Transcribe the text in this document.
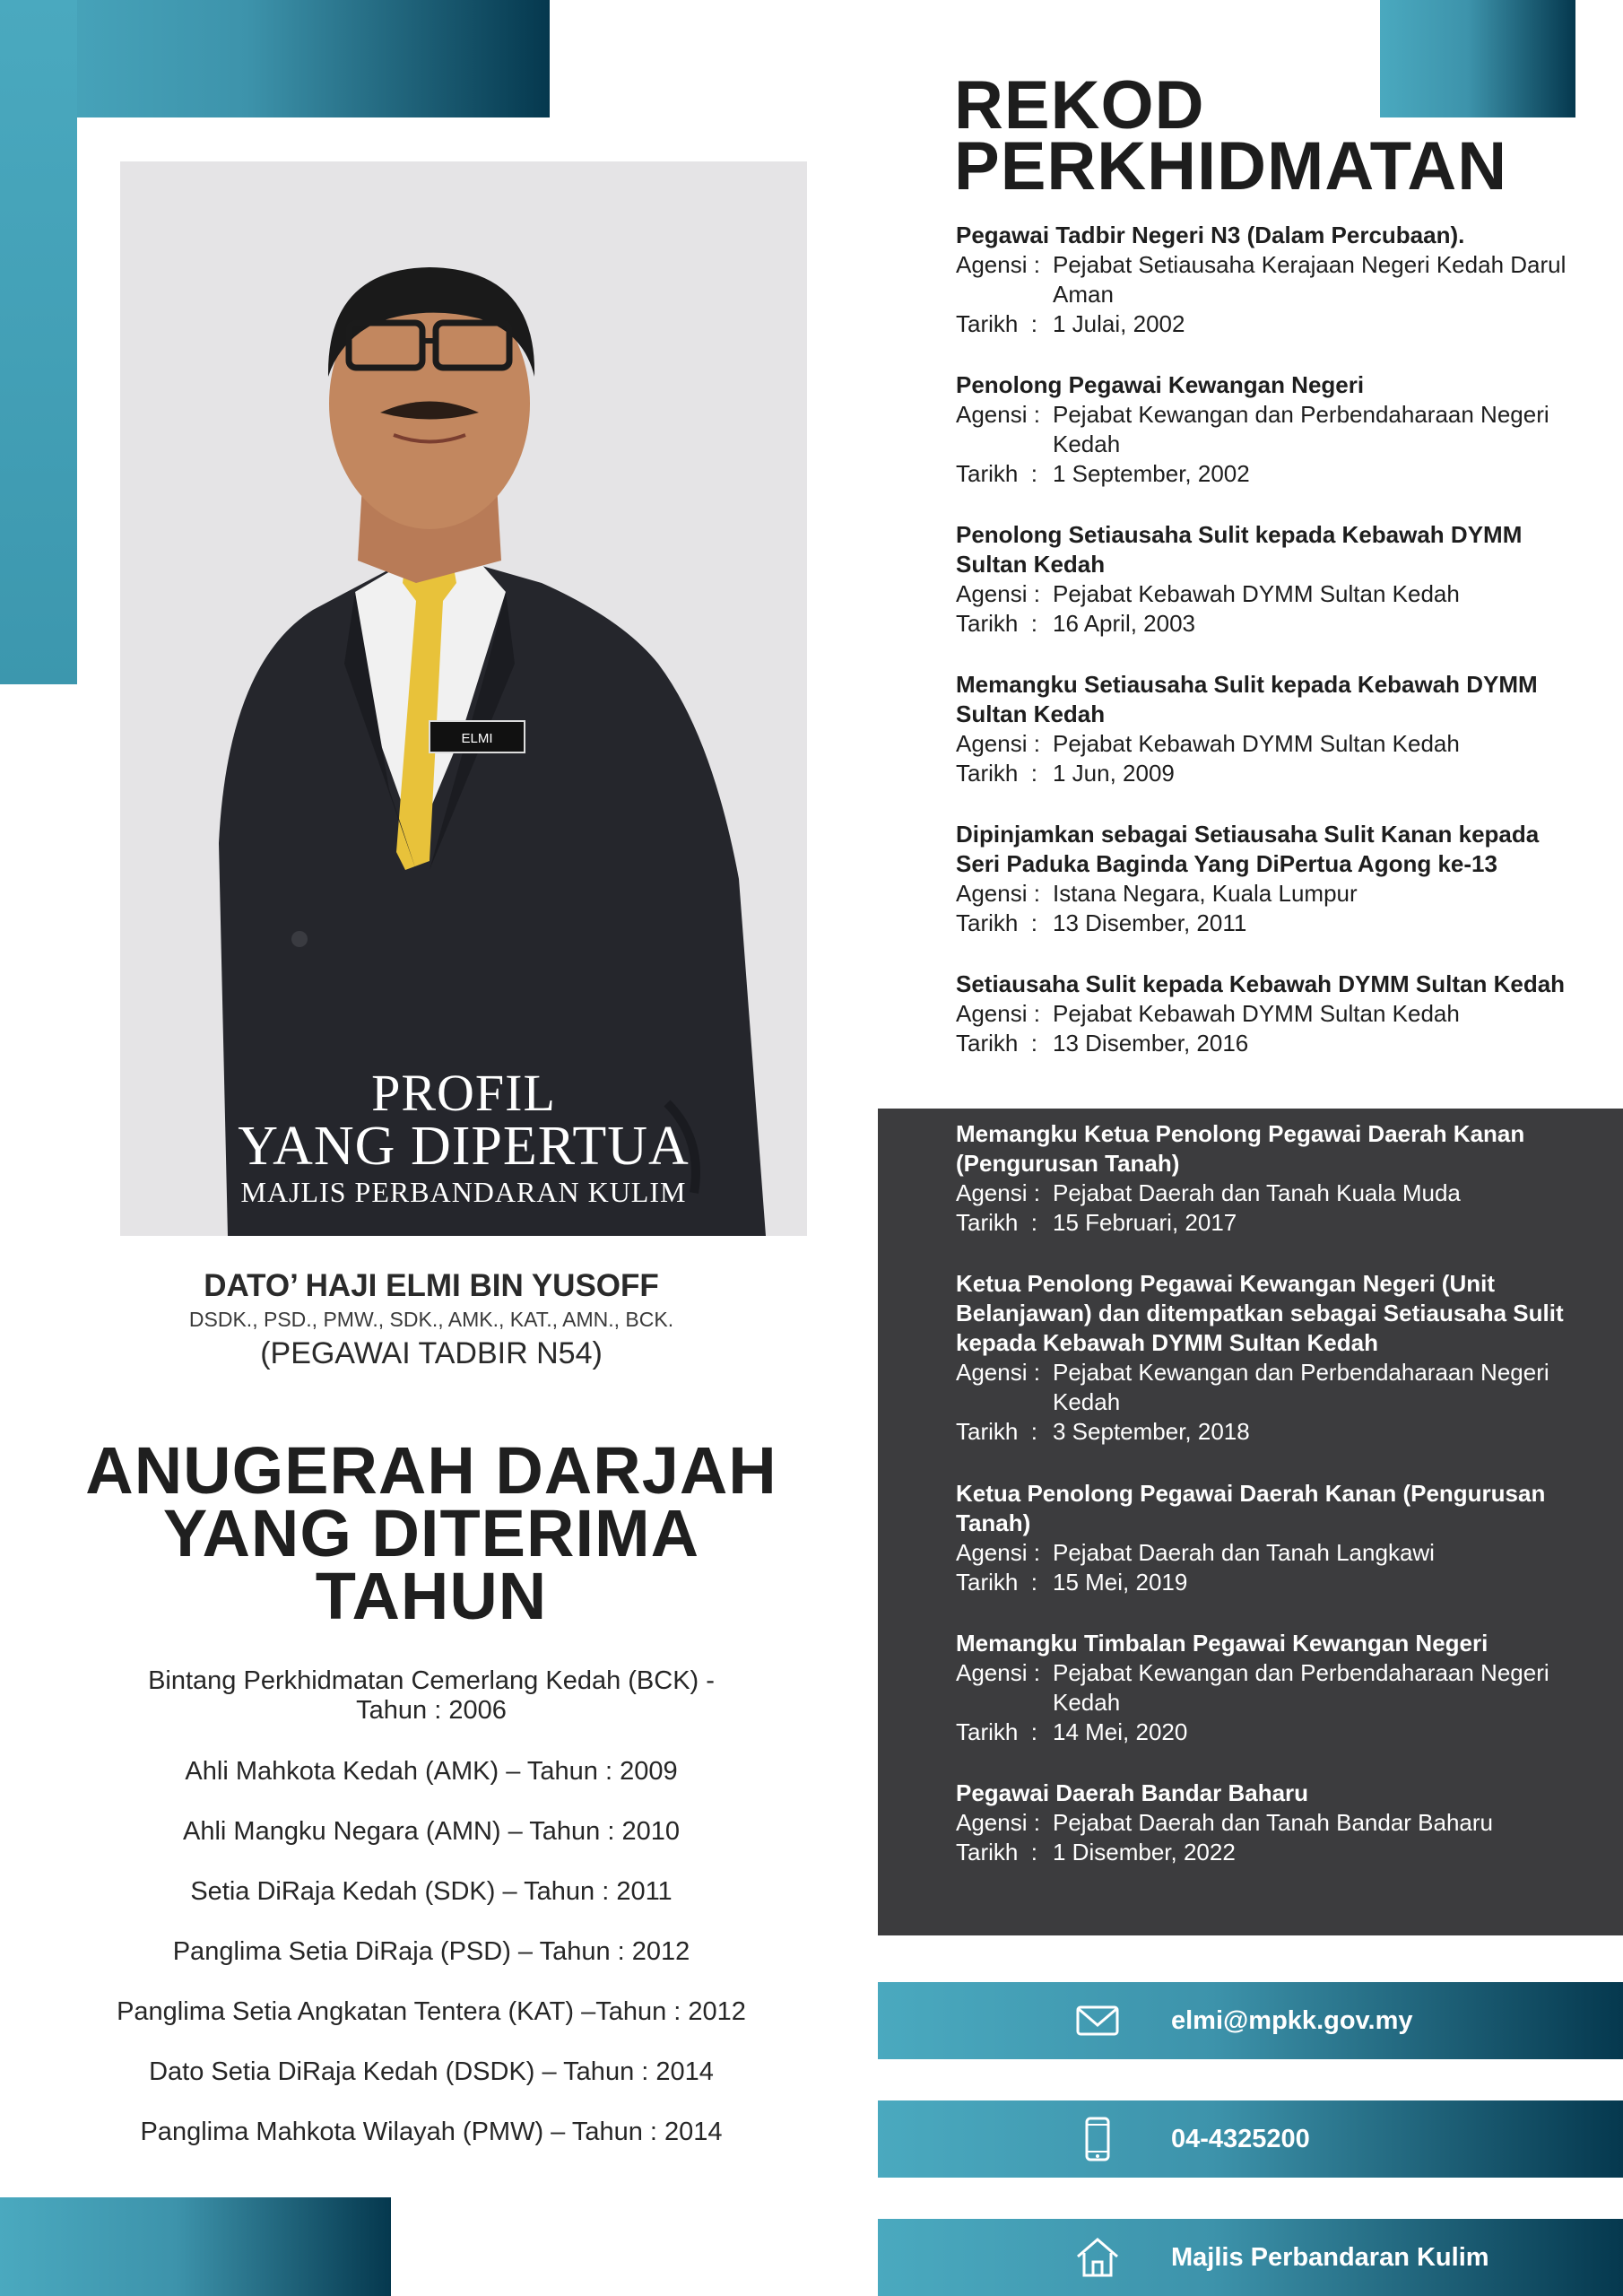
ELMI
PROFIL
YANG DIPERTUA
MAJLIS PERBANDARAN KULIM
DATO’ HAJI ELMI BIN YUSOFF
DSDK., PSD., PMW., SDK., AMK., KAT., AMN., BCK.
(PEGAWAI TADBIR N54)
ANUGERAH DARJAH
YANG DITERIMA
TAHUN
Bintang Perkhidmatan Cemerlang Kedah (BCK) -
Tahun : 2006
Ahli Mahkota Kedah (AMK) – Tahun : 2009
Ahli Mangku Negara (AMN) – Tahun : 2010
Setia DiRaja Kedah (SDK) – Tahun : 2011
Panglima Setia DiRaja (PSD) – Tahun : 2012
Panglima Setia Angkatan Tentera (KAT) –Tahun : 2012
Dato Setia DiRaja Kedah (DSDK) – Tahun : 2014
Panglima Mahkota Wilayah (PMW) – Tahun : 2014
REKOD
PERKHIDMATAN
Pegawai Tadbir Negeri N3 (Dalam Percubaan).
Agensi : Pejabat Setiausaha Kerajaan Negeri Kedah Darul Aman
Tarikh  : 1 Julai, 2002
Penolong Pegawai Kewangan Negeri
Agensi : Pejabat Kewangan dan Perbendaharaan Negeri Kedah
Tarikh  : 1 September, 2002
Penolong Setiausaha Sulit kepada Kebawah DYMM Sultan Kedah
Agensi : Pejabat Kebawah DYMM Sultan Kedah
Tarikh  : 16 April, 2003
Memangku Setiausaha Sulit kepada Kebawah DYMM Sultan Kedah
Agensi : Pejabat Kebawah DYMM Sultan Kedah
Tarikh  : 1 Jun, 2009
Dipinjamkan sebagai Setiausaha Sulit Kanan kepada Seri Paduka Baginda Yang DiPertua Agong ke-13
Agensi : Istana Negara, Kuala Lumpur
Tarikh  : 13 Disember, 2011
Setiausaha Sulit kepada Kebawah DYMM Sultan Kedah
Agensi : Pejabat Kebawah DYMM Sultan Kedah
Tarikh  : 13 Disember, 2016
Memangku Ketua Penolong Pegawai Daerah Kanan (Pengurusan Tanah)
Agensi : Pejabat Daerah dan Tanah Kuala Muda
Tarikh  : 15 Februari, 2017
Ketua Penolong Pegawai Kewangan Negeri (Unit Belanjawan) dan ditempatkan sebagai Setiausaha Sulit kepada Kebawah DYMM Sultan Kedah
Agensi : Pejabat Kewangan dan Perbendaharaan Negeri Kedah
Tarikh  : 3 September, 2018
Ketua Penolong Pegawai Daerah Kanan (Pengurusan Tanah)
Agensi : Pejabat Daerah dan Tanah Langkawi
Tarikh  : 15 Mei, 2019
Memangku Timbalan Pegawai Kewangan Negeri
Agensi : Pejabat Kewangan dan Perbendaharaan Negeri Kedah
Tarikh  : 14 Mei, 2020
Pegawai Daerah Bandar Baharu
Agensi : Pejabat Daerah dan Tanah Bandar Baharu
Tarikh  : 1 Disember, 2022
elmi@mpkk.gov.my
04-4325200
Majlis Perbandaran Kulim
